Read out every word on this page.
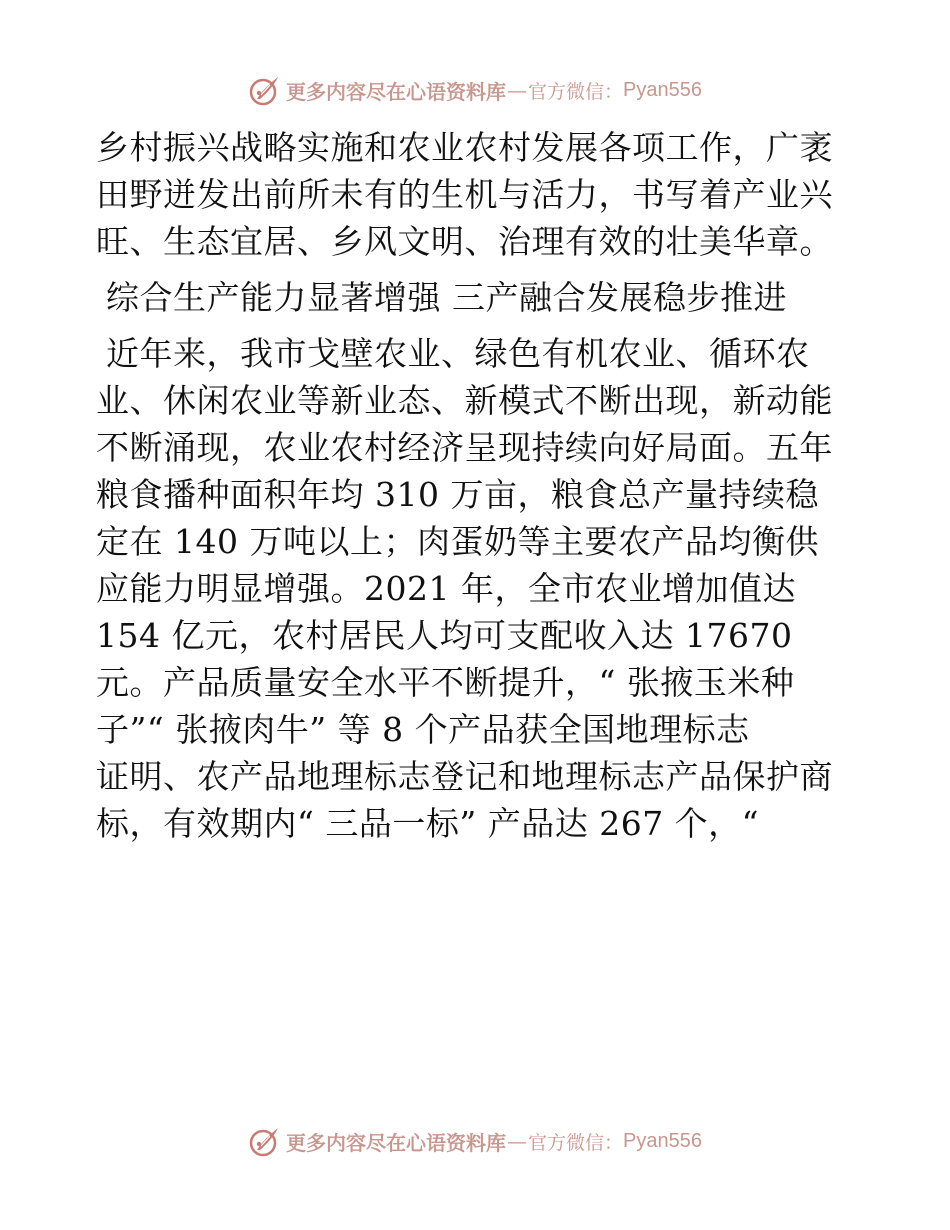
更多内容尽在心语资料库 — 官方微信： Pyan556
乡村振兴战略实施和农业农村发展各项工作，广袤
田野迸发出前所未有的生机与活力，书写着产业兴
旺、生态宜居、乡风文明、治理有效的壮美华章。
综合生产能力显著增强 三产融合发展稳步推进
近年来，我市戈壁农业、绿色有机农业、循环农
业、休闲农业等新业态、新模式不断出现，新动能
不断涌现，农业农村经济呈现持续向好局面。五年
粮食播种面积年均 310 万亩，粮食总产量持续稳
定在 140 万吨以上；肉蛋奶等主要农产品均衡供
应能力明显增强。2021 年，全市农业增加值达
154 亿元，农村居民人均可支配收入达 17670
元。产品质量安全水平不断提升，“ 张掖玉米种
子”“ 张掖肉牛” 等 8 个产品获全国地理标志
证明、农产品地理标志登记和地理标志产品保护商
标，有效期内“ 三品一标” 产品达 267 个，“
更多内容尽在心语资料库 — 官方微信： Pyan556
